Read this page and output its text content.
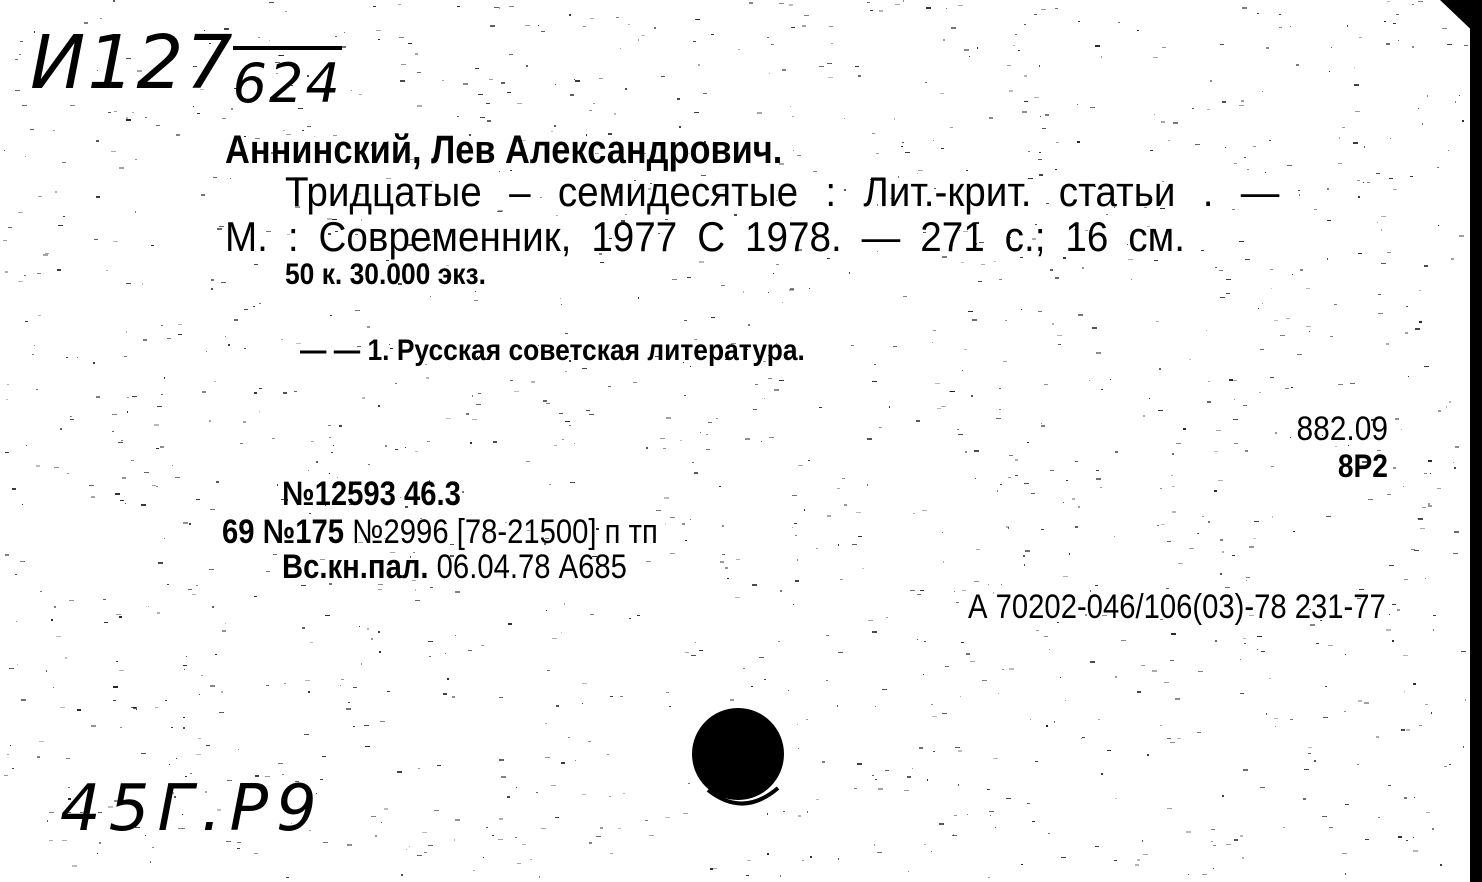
И127624
Аннинский, Лев Александрович.
Тридцатые – семидесятые : Лит.-крит. статьи . —
М. : Современник, 1977 С 1978. — 271 с.; 16 см.
50 к. 30.000 экз.
— — 1. Русская советская литература.
882.09
8Р2
№12593 46.3
69 №175 №2996 [78-21500] п тп
Вс.кн.пал. 06.04.78 А685
А 70202-046/106(03)-78 231-77
45Г.Р9
